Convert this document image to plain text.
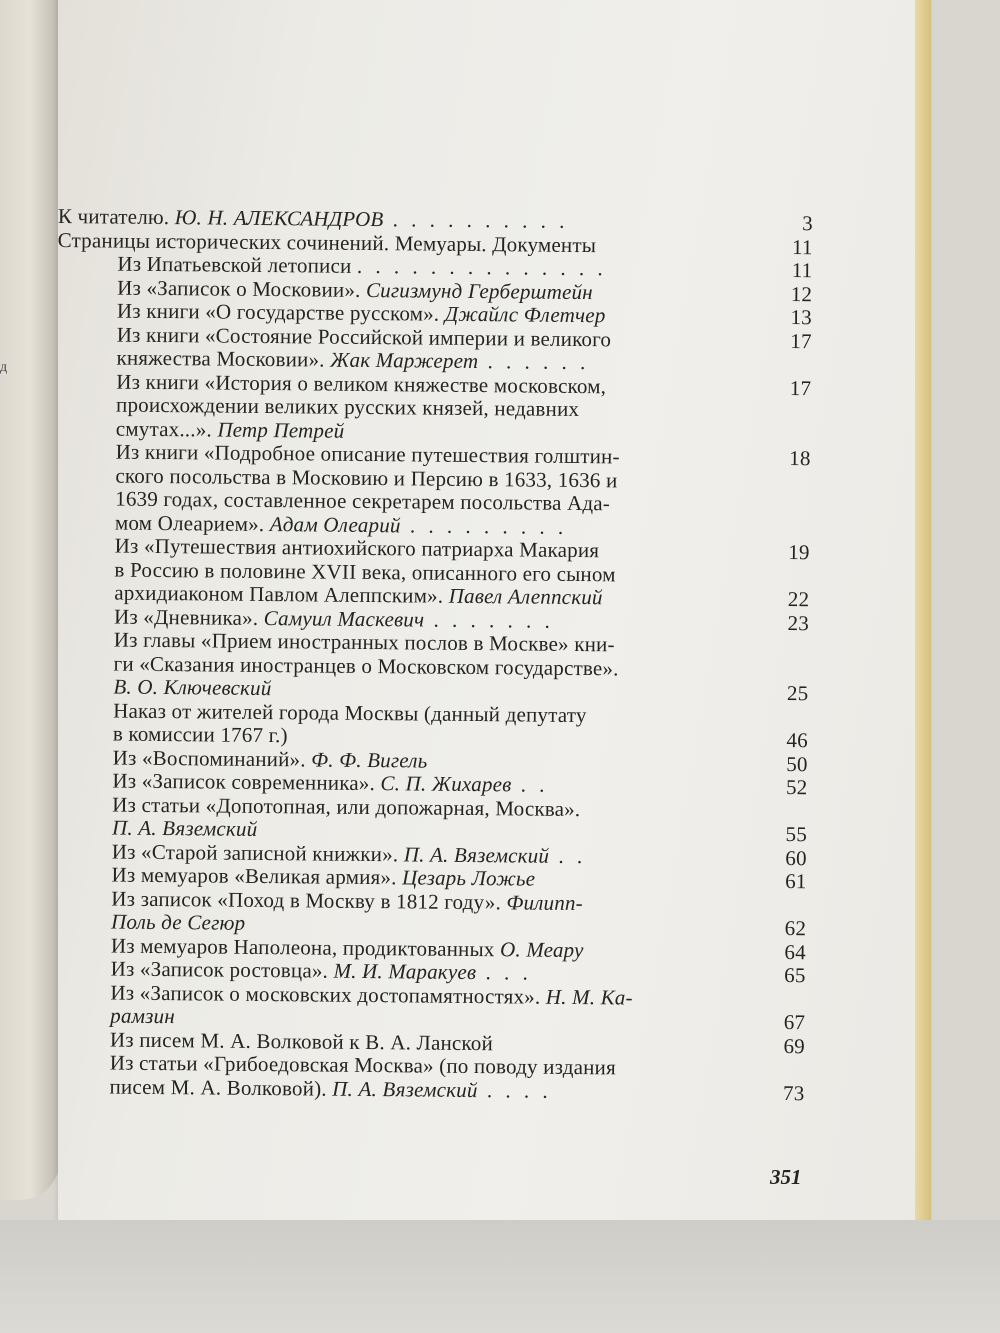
д
К читателю. Ю. Н. АЛЕКСАНДРОВ . . . . . . . . . .	3
Страницы исторических сочинений. Мемуары. Документы	11
Из Ипатьевской летописи . . . . . . . . . . . . . .	11
Из «Записок о Московии». Сигизмунд Герберштейн	12
Из книги «О государстве русском». Джайлс Флетчер	13
Из книги «Состояние Российской империи и великого	17
княжества Московии». Жак Маржерет . . . . . .
Из книги «История о великом княжестве московском,	17
происхождении великих русских князей, недавних
смутах...». Петр Петрей
Из книги «Подробное описание путешествия голштин-	18
ского посольства в Московию и Персию в 1633, 1636 и
1639 годах, составленное секретарем посольства Ада-
мом Олеарием». Адам Олеарий . . . . . . . . .
Из «Путешествия антиохийского патриарха Макария	19
в Россию в половине XVII века, описанного его сыном
архидиаконом Павлом Алеппским». Павел Алеппский	22
Из «Дневника». Самуил Маскевич . . . . . . .	23
Из главы «Прием иностранных послов в Москве» кни-
ги «Сказания иностранцев о Московском государстве».
В. О. Ключевский	25
Наказ от жителей города Москвы (данный депутату
в комиссии 1767 г.)	46
Из «Воспоминаний». Ф. Ф. Вигель	50
Из «Записок современника». С. П. Жихарев . .	52
Из статьи «Допотопная, или допожарная, Москва».
П. А. Вяземский	55
Из «Старой записной книжки». П. А. Вяземский . .	60
Из мемуаров «Великая армия». Цезарь Ложье	61
Из записок «Поход в Москву в 1812 году». Филипп-
Поль де Сегюр	62
Из мемуаров Наполеона, продиктованных О. Меару	64
Из «Записок ростовца». М. И. Маракуев . . .	65
Из «Записок о московских достопамятностях». Н. М. Ка-
рамзин	67
Из писем М. А. Волковой к В. А. Ланской	69
Из статьи «Грибоедовская Москва» (по поводу издания
писем М. А. Волковой). П. А. Вяземский . . . .	73
351
